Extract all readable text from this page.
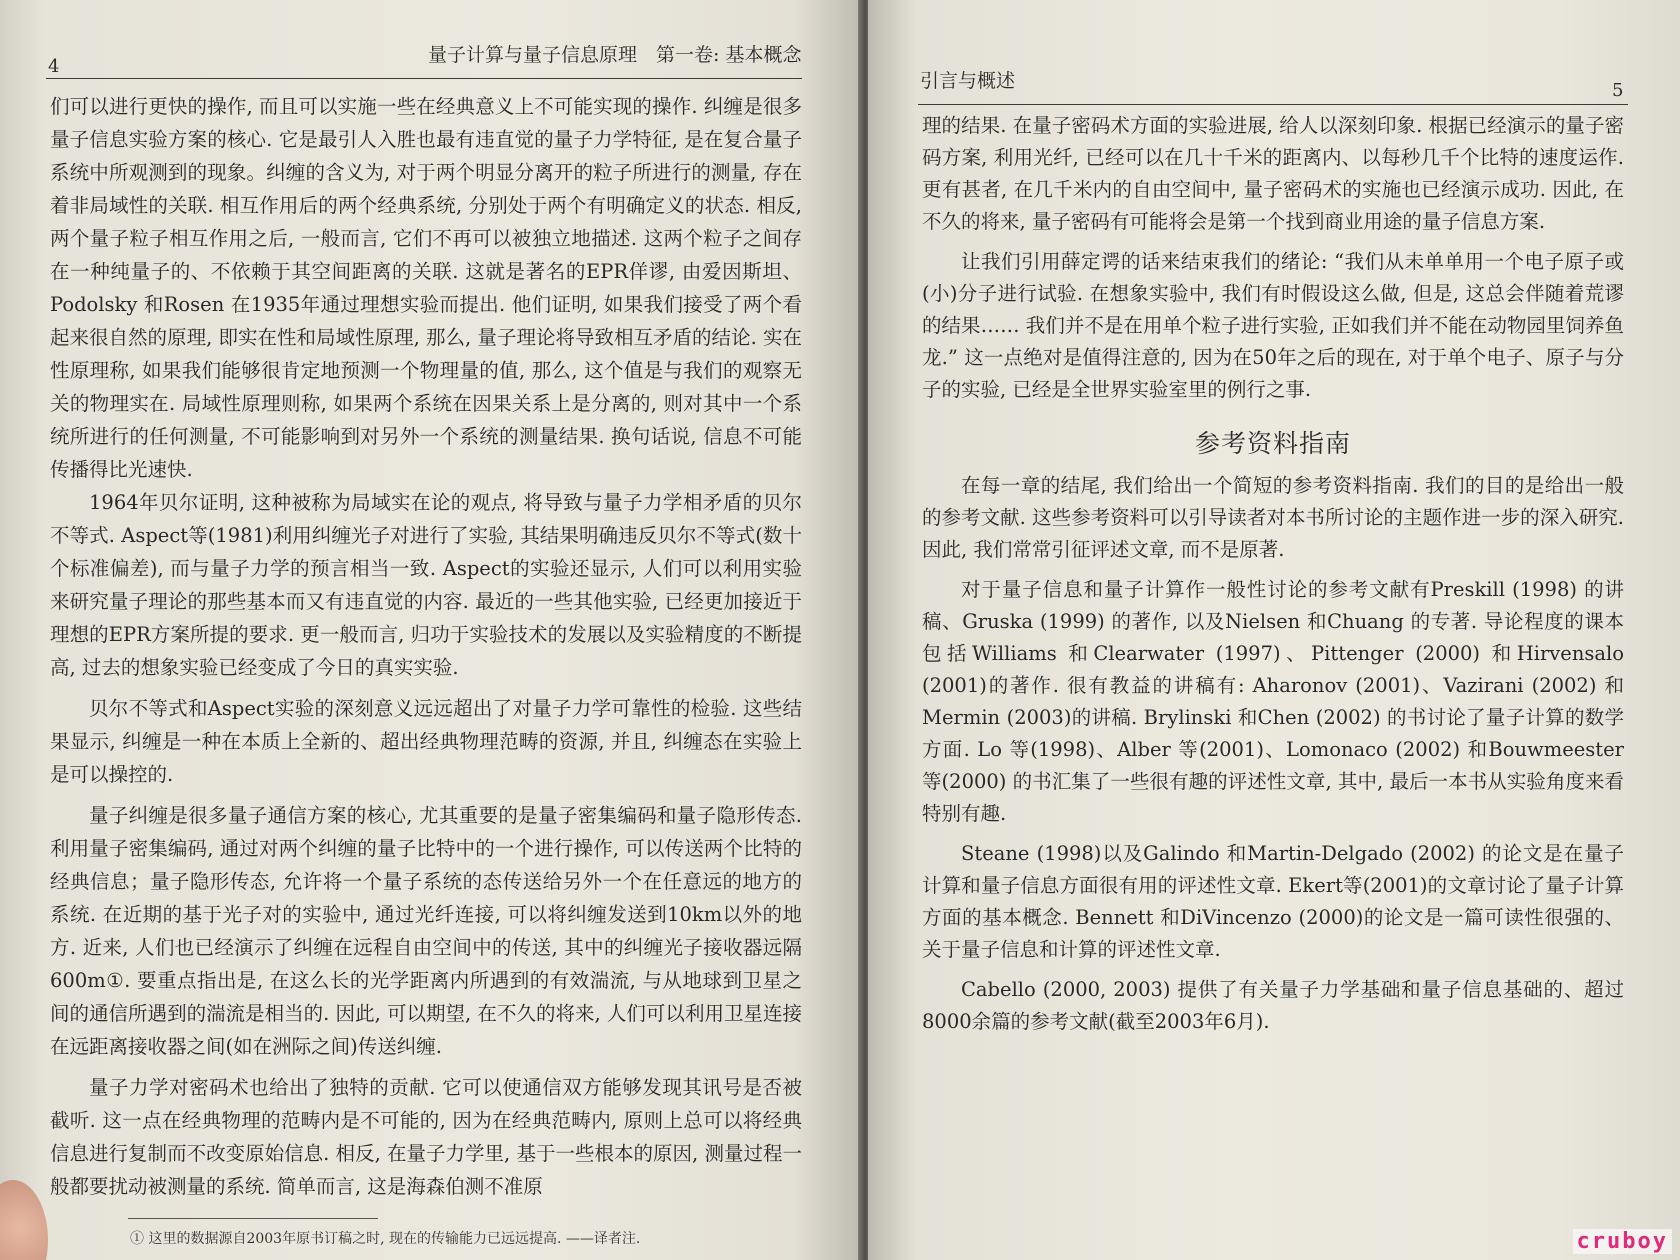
4
量子计算与量子信息原理　第一卷: 基本概念

们可以进行更快的操作, 而且可以实施一些在经典意义上不可能实现的操作. 纠缠是很多量子信息实验方案的核心. 它是最引人入胜也最有违直觉的量子力学特征, 是在复合量子系统中所观测到的现象。纠缠的含义为, 对于两个明显分离开的粒子所进行的测量, 存在着非局域性的关联. 相互作用后的两个经典系统, 分别处于两个有明确定义的状态. 相反, 两个量子粒子相互作用之后, 一般而言, 它们不再可以被独立地描述. 这两个粒子之间存在一种纯量子的、不依赖于其空间距离的关联. 这就是著名的EPR佯谬, 由爱因斯坦、Podolsky 和Rosen 在1935年通过理想实验而提出. 他们证明, 如果我们接受了两个看起来很自然的原理, 即实在性和局域性原理, 那么, 量子理论将导致相互矛盾的结论. 实在性原理称, 如果我们能够很肯定地预测一个物理量的值, 那么, 这个值是与我们的观察无关的物理实在. 局域性原理则称, 如果两个系统在因果关系上是分离的, 则对其中一个系统所进行的任何测量, 不可能影响到对另外一个系统的测量结果. 换句话说, 信息不可能传播得比光速快.

1964年贝尔证明, 这种被称为局域实在论的观点, 将导致与量子力学相矛盾的贝尔不等式. Aspect等(1981)利用纠缠光子对进行了实验, 其结果明确违反贝尔不等式(数十个标准偏差), 而与量子力学的预言相当一致. Aspect的实验还显示, 人们可以利用实验来研究量子理论的那些基本而又有违直觉的内容. 最近的一些其他实验, 已经更加接近于理想的EPR方案所提的要求. 更一般而言, 归功于实验技术的发展以及实验精度的不断提高, 过去的想象实验已经变成了今日的真实实验.

贝尔不等式和Aspect实验的深刻意义远远超出了对量子力学可靠性的检验. 这些结果显示, 纠缠是一种在本质上全新的、超出经典物理范畴的资源, 并且, 纠缠态在实验上是可以操控的.

量子纠缠是很多量子通信方案的核心, 尤其重要的是量子密集编码和量子隐形传态. 利用量子密集编码, 通过对两个纠缠的量子比特中的一个进行操作, 可以传送两个比特的经典信息；量子隐形传态, 允许将一个量子系统的态传送给另外一个在任意远的地方的系统. 在近期的基于光子对的实验中, 通过光纤连接, 可以将纠缠发送到10km以外的地方. 近来, 人们也已经演示了纠缠在远程自由空间中的传送, 其中的纠缠光子接收器远隔600m①. 要重点指出是, 在这么长的光学距离内所遇到的有效湍流, 与从地球到卫星之间的通信所遇到的湍流是相当的. 因此, 可以期望, 在不久的将来, 人们可以利用卫星连接在远距离接收器之间(如在洲际之间)传送纠缠.

量子力学对密码术也给出了独特的贡献. 它可以使通信双方能够发现其讯号是否被截听. 这一点在经典物理的范畴内是不可能的, 因为在经典范畴内, 原则上总可以将经典信息进行复制而不改变原始信息. 相反, 在量子力学里, 基于一些根本的原因, 测量过程一般都要扰动被测量的系统. 简单而言, 这是海森伯测不准原

① 这里的数据源自2003年原书订稿之时, 现在的传输能力已远远提高. ——译者注.
引言与概述	5

理的结果. 在量子密码术方面的实验进展, 给人以深刻印象. 根据已经演示的量子密码方案, 利用光纤, 已经可以在几十千米的距离内、以每秒几千个比特的速度运作. 更有甚者, 在几千米内的自由空间中, 量子密码术的实施也已经演示成功. 因此, 在不久的将来, 量子密码有可能将会是第一个找到商业用途的量子信息方案.

让我们引用薛定谔的话来结束我们的绪论: “我们从未单单用一个电子原子或(小)分子进行试验. 在想象实验中, 我们有时假设这么做, 但是, 这总会伴随着荒谬的结果…… 我们并不是在用单个粒子进行实验, 正如我们并不能在动物园里饲养鱼龙.” 这一点绝对是值得注意的, 因为在50年之后的现在, 对于单个电子、原子与分子的实验, 已经是全世界实验室里的例行之事.

参考资料指南

在每一章的结尾, 我们给出一个简短的参考资料指南. 我们的目的是给出一般的参考文献. 这些参考资料可以引导读者对本书所讨论的主题作进一步的深入研究. 因此, 我们常常引征评述文章, 而不是原著.

对于量子信息和量子计算作一般性讨论的参考文献有Preskill (1998) 的讲稿、Gruska (1999) 的著作, 以及Nielsen 和Chuang 的专著. 导论程度的课本包括Williams 和Clearwater (1997)、Pittenger (2000) 和Hirvensalo (2001)的著作. 很有教益的讲稿有: Aharonov (2001)、Vazirani (2002) 和Mermin (2003)的讲稿. Brylinski 和Chen (2002) 的书讨论了量子计算的数学方面. Lo 等(1998)、Alber 等(2001)、Lomonaco (2002) 和Bouwmeester 等(2000) 的书汇集了一些很有趣的评述性文章, 其中, 最后一本书从实验角度来看特别有趣.

Steane (1998)以及Galindo 和Martin-Delgado (2002) 的论文是在量子计算和量子信息方面很有用的评述性文章. Ekert等(2001)的文章讨论了量子计算方面的基本概念. Bennett 和DiVincenzo (2000)的论文是一篇可读性很强的、关于量子信息和计算的评述性文章.

Cabello (2000, 2003) 提供了有关量子力学基础和量子信息基础的、超过8000余篇的参考文献(截至2003年6月).

cruboy
